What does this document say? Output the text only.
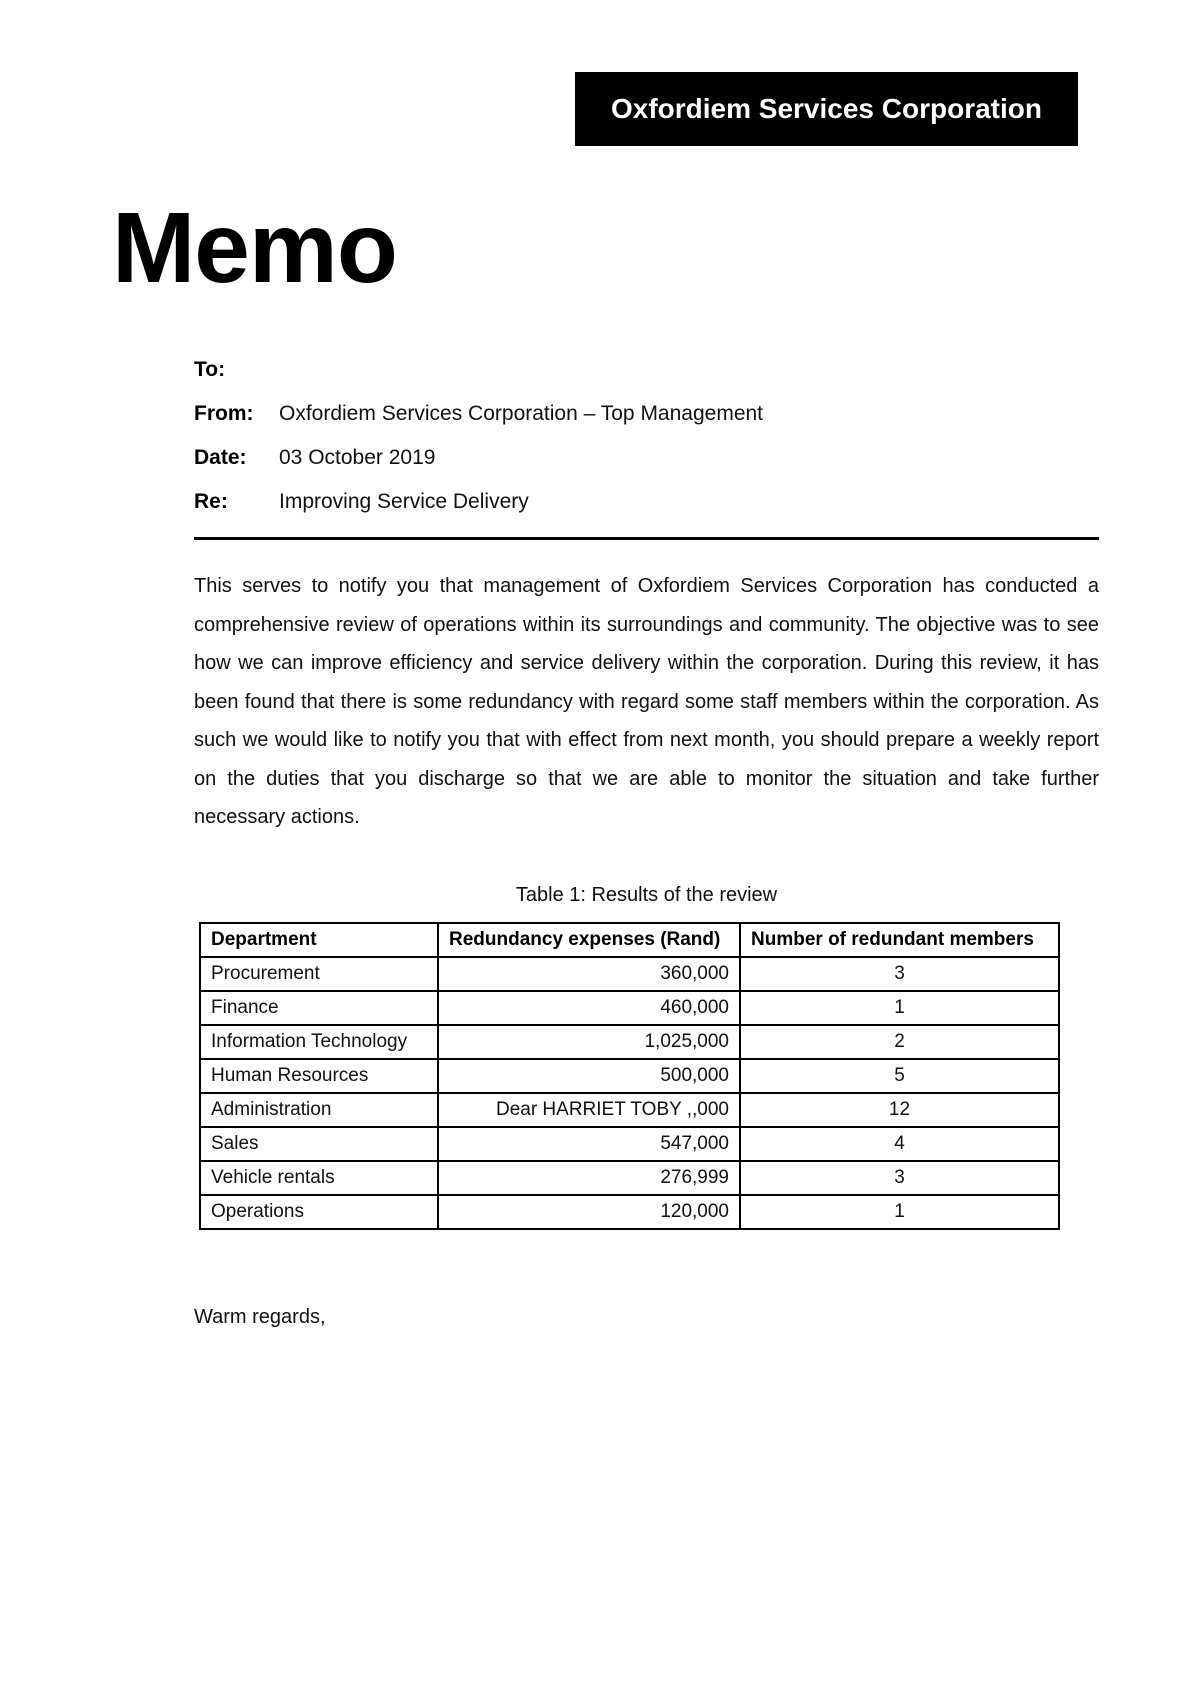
Oxfordiem Services Corporation
Memo
To:
From:	Oxfordiem Services Corporation – Top Management
Date:	03 October 2019
Re:	Improving Service Delivery

This serves to notify you that management of Oxfordiem Services Corporation has conducted a comprehensive review of operations within its surroundings and community. The objective was to see how we can improve efficiency and service delivery within the corporation. During this review, it has been found that there is some redundancy with regard some staff members within the corporation. As such we would like to notify you that with effect from next month, you should prepare a weekly report on the duties that you discharge so that we are able to monitor the situation and take further necessary actions.

Table 1: Results of the review
Department	Redundancy expenses (Rand)	Number of redundant members
Procurement	360,000	3
Finance	460,000	1
Information Technology	1,025,000	2
Human Resources	500,000	5
Administration	Dear HARRIET TOBY ,,000	12
Sales	547,000	4
Vehicle rentals	276,999	3
Operations	120,000	1
Warm regards,
